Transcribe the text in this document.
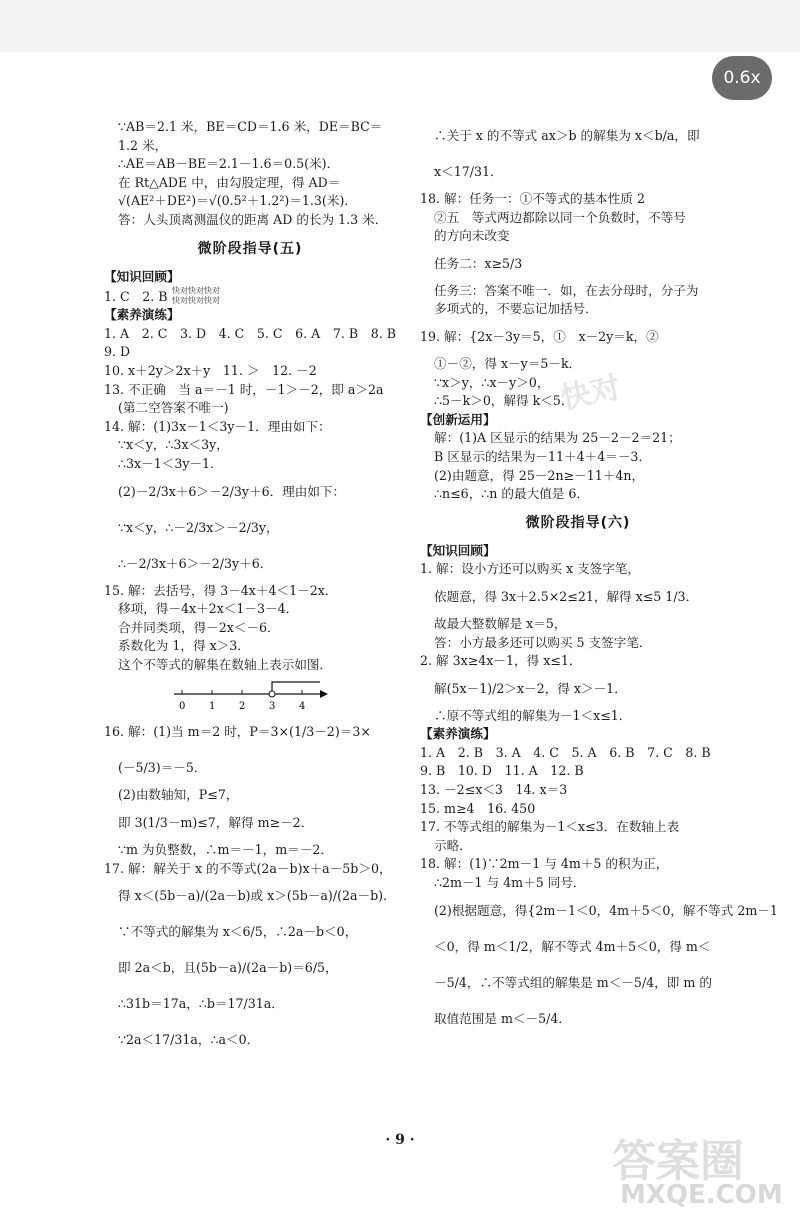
0.6x
快对
答案圈
MXQE.COM
∵AB＝2.1 米，BE＝CD＝1.6 米，DE＝BC＝
1.2 米，
∴AE＝AB－BE＝2.1－1.6＝0.5(米)．
在 Rt△ADE 中，由勾股定理，得 AD＝
√(AE²＋DE²)＝√(0.5²＋1.2²)＝1.3(米)．
答：人头顶离测温仪的距离 AD 的长为 1.3 米．
微阶段指导(五)
【知识回顾】
1. C　2. B 快对快对快对
快对快对快对
【素养演练】
1. A　2. C　3. D　4. C　5. C　6. A　7. B　8. B
9. D
10. x＋2y＞2x＋y　11. ＞　12. －2
13. 不正确　当 a＝－1 时，－1＞－2，即 a＞2a
(第二空答案不唯一)
14. 解：(1)3x－1＜3y－1．理由如下：
∵x＜y，∴3x＜3y，
∴3x－1＜3y－1．
(2)－2/3x＋6＞－2/3y＋6．理由如下：
∵x＜y，∴－2/3x＞－2/3y，
∴－2/3x＋6＞－2/3y＋6．
15. 解：去括号，得 3－4x＋4＜1－2x．
移项，得－4x＋2x＜1－3－4．
合并同类项，得－2x＜－6．
系数化为 1，得 x＞3．
这个不等式的解集在数轴上表示如图．
0 1 2 3 4
16. 解：(1)当 m＝2 时，P＝3×(1/3－2)＝3×
(－5/3)＝－5．
(2)由数轴知，P≤7，
即 3(1/3－m)≤7，解得 m≥－2．
∵m 为负整数，∴m＝－1，m＝－2．
17. 解：解关于 x 的不等式(2a－b)x＋a－5b＞0，
得 x＜(5b－a)/(2a－b)或 x＞(5b－a)/(2a－b)．
∵不等式的解集为 x＜6/5，∴2a－b＜0，
即 2a＜b，且(5b－a)/(2a－b)＝6/5，
∴31b＝17a，∴b＝17/31a．
∵2a＜17/31a，∴a＜0．
∴关于 x 的不等式 ax＞b 的解集为 x＜b/a，即
x＜17/31．
18. 解：任务一：①不等式的基本性质 2
②五　等式两边都除以同一个负数时，不等号
的方向未改变
任务二：x≥5/3
任务三：答案不唯一．如，在去分母时，分子为
多项式的，不要忘记加括号．
19. 解：{2x－3y＝5，①　x－2y＝k，②
①－②，得 x－y＝5－k．
∵x＞y，∴x－y＞0，
∴5－k＞0，解得 k＜5．
【创新运用】
解：(1)A 区显示的结果为 25－2－2＝21；
B 区显示的结果为－11＋4＋4＝－3．
(2)由题意，得 25－2n≥－11＋4n，
∴n≤6，∴n 的最大值是 6．
微阶段指导(六)
【知识回顾】
1. 解：设小方还可以购买 x 支签字笔，
依题意，得 3x＋2.5×2≤21，解得 x≤5 1/3．
故最大整数解是 x＝5，
答：小方最多还可以购买 5 支签字笔．
2. 解 3x≥4x－1，得 x≤1．
解(5x－1)/2＞x－2，得 x＞－1．
∴原不等式组的解集为－1＜x≤1．
【素养演练】
1. A　2. B　3. A　4. C　5. A　6. B　7. C　8. B
9. B　10. D　11. A　12. B
13. －2≤x＜3　14. x＝3
15. m≥4　16. 450
17. 不等式组的解集为－1＜x≤3．在数轴上表
示略．
18. 解：(1)∵2m－1 与 4m＋5 的积为正，
∴2m－1 与 4m＋5 同号．
(2)根据题意，得{2m－1＜0，4m＋5＜0，解不等式 2m－1
＜0，得 m＜1/2，解不等式 4m＋5＜0，得 m＜
－5/4，∴不等式组的解集是 m＜－5/4，即 m 的
取值范围是 m＜－5/4．
· 9 ·
